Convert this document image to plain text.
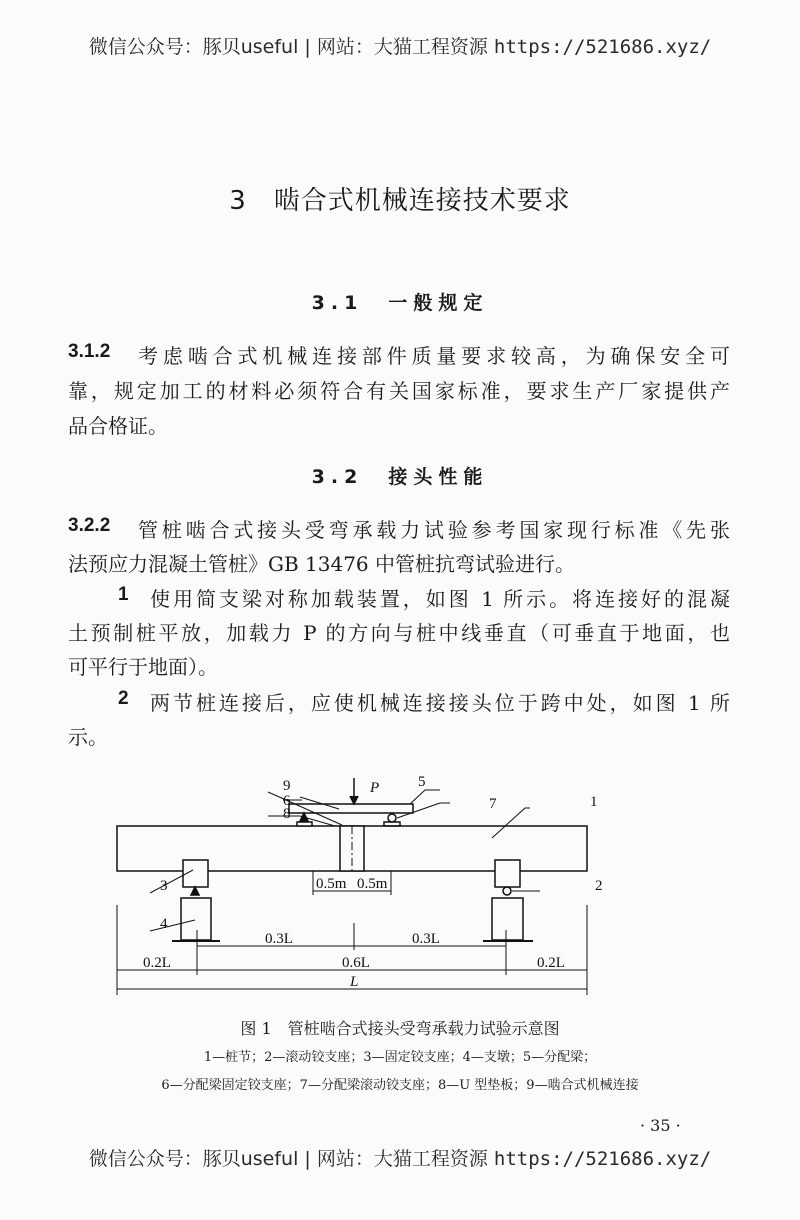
微信公众号：豚贝useful | 网站：大猫工程资源 https://521686.xyz/
3　啮合式机械连接技术要求
3.1　一般规定
考虑啮合式机械连接部件质量要求较高，为确保安全可
3.1.2
靠，规定加工的材料必须符合有关国家标准，要求生产厂家提供产
品合格证。
3.2　接头性能
3.2.2 管桩啮合式接头受弯承载力试验参考国家现行标准《先张
法预应力混凝土管桩》GB 13476 中管桩抗弯试验进行。
1 使用简支梁对称加载装置，如图 1 所示。将连接好的混凝
土预制桩平放，加载力 P 的方向与桩中线垂直（可垂直于地面，也
可平行于地面）。
2 两节桩连接后，应使机械连接接头位于跨中处，如图 1 所
示。
P	5
1
7
9
6
8
3	2
4
0.5m 0.5m
0.3L	0.3L
0.2L	0.6L	0.2L
L
图 1　管桩啮合式接头受弯承载力试验示意图
1—桩节；2—滚动铰支座；3—固定铰支座；4—支墩；5—分配梁；
6—分配梁固定铰支座；7—分配梁滚动铰支座；8—U 型垫板；9—啮合式机械连接
· 35 ·
微信公众号：豚贝useful | 网站：大猫工程资源 https://521686.xyz/
